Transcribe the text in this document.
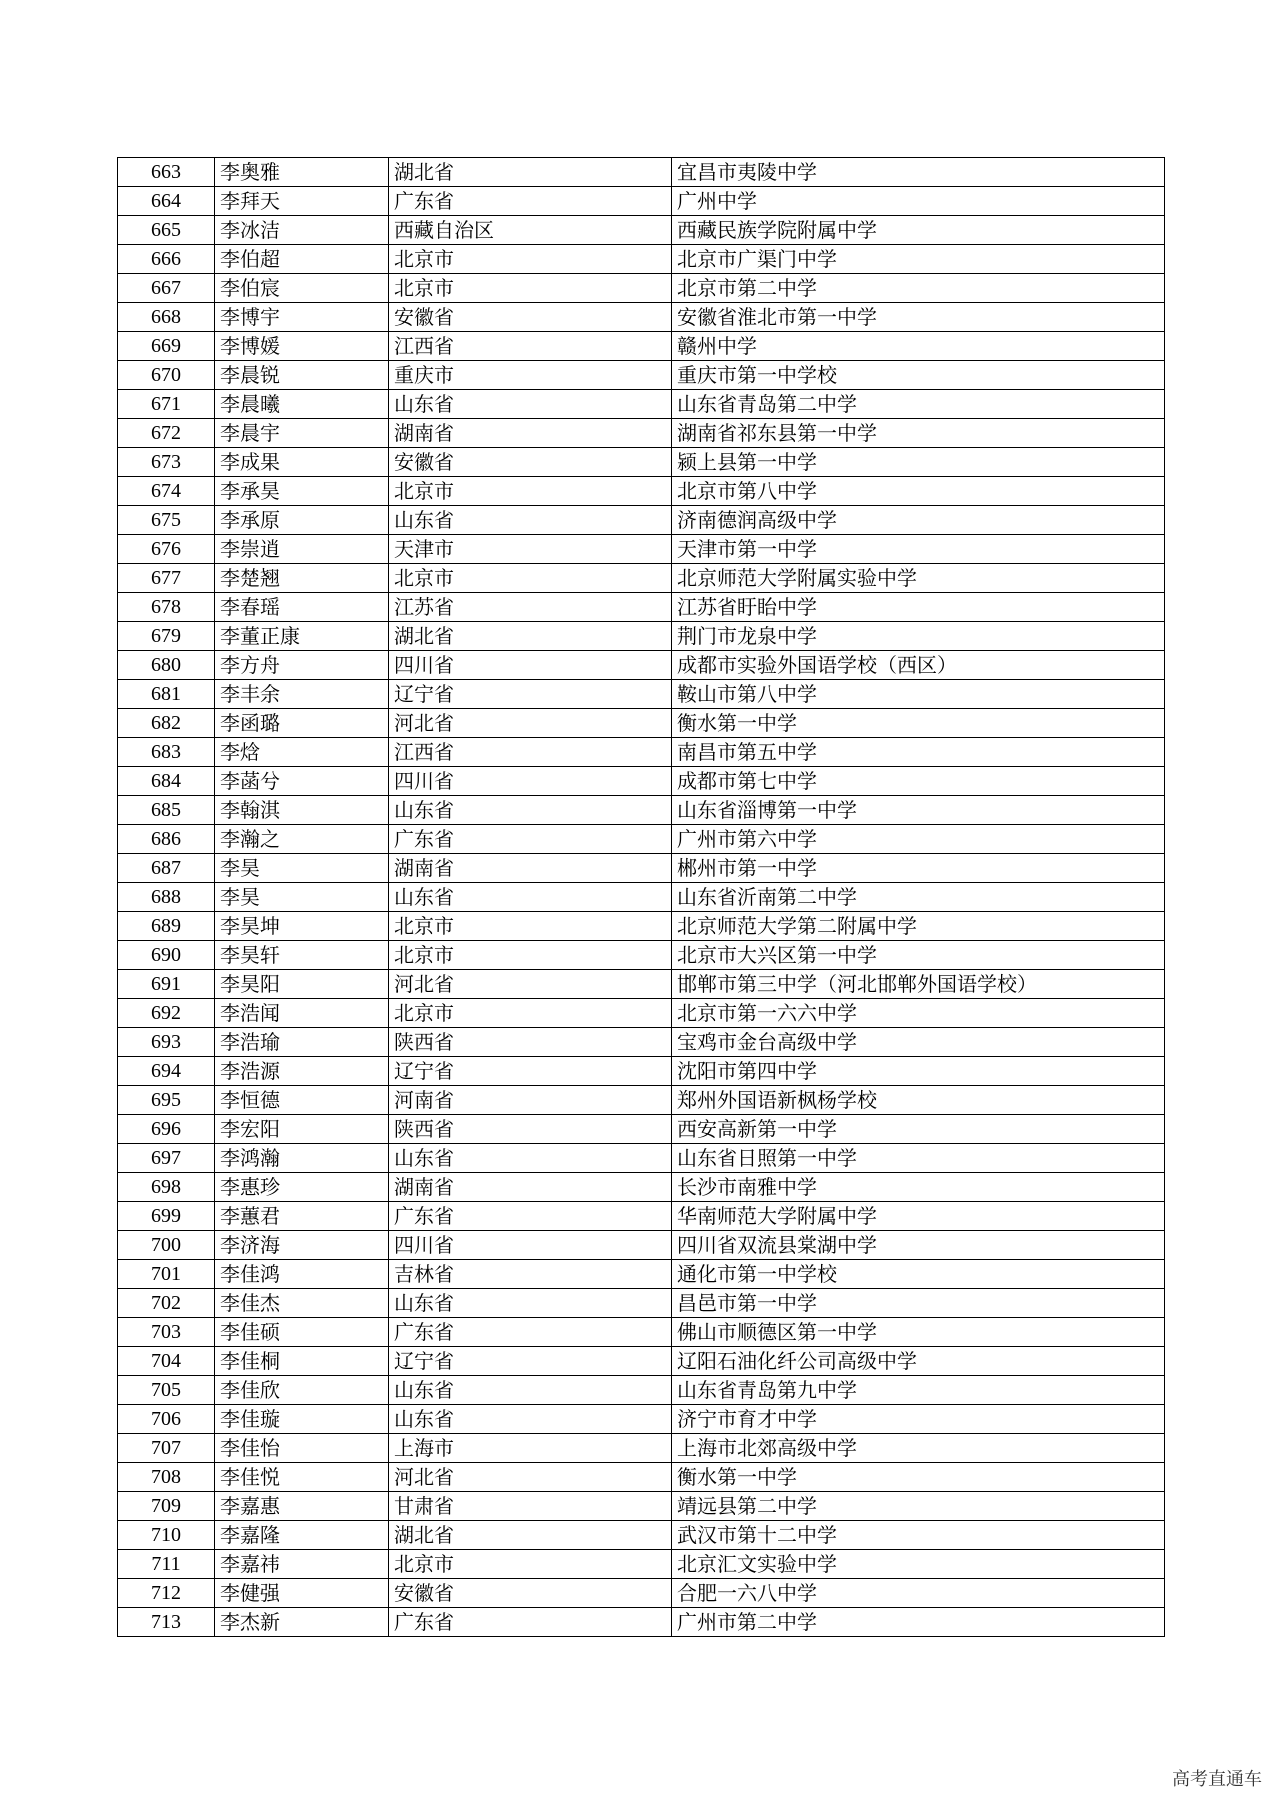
663	李奥雅	湖北省	宜昌市夷陵中学
664	李拜天	广东省	广州中学
665	李冰洁	西藏自治区	西藏民族学院附属中学
666	李伯超	北京市	北京市广渠门中学
667	李伯宸	北京市	北京市第二中学
668	李博宇	安徽省	安徽省淮北市第一中学
669	李博媛	江西省	赣州中学
670	李晨锐	重庆市	重庆市第一中学校
671	李晨曦	山东省	山东省青岛第二中学
672	李晨宇	湖南省	湖南省祁东县第一中学
673	李成果	安徽省	颍上县第一中学
674	李承昊	北京市	北京市第八中学
675	李承原	山东省	济南德润高级中学
676	李崇逍	天津市	天津市第一中学
677	李楚翘	北京市	北京师范大学附属实验中学
678	李春瑶	江苏省	江苏省盱眙中学
679	李董正康	湖北省	荆门市龙泉中学
680	李方舟	四川省	成都市实验外国语学校（西区）
681	李丰余	辽宁省	鞍山市第八中学
682	李函璐	河北省	衡水第一中学
683	李焓	江西省	南昌市第五中学
684	李菡兮	四川省	成都市第七中学
685	李翰淇	山东省	山东省淄博第一中学
686	李瀚之	广东省	广州市第六中学
687	李昊	湖南省	郴州市第一中学
688	李昊	山东省	山东省沂南第二中学
689	李昊坤	北京市	北京师范大学第二附属中学
690	李昊轩	北京市	北京市大兴区第一中学
691	李昊阳	河北省	邯郸市第三中学（河北邯郸外国语学校）
692	李浩闻	北京市	北京市第一六六中学
693	李浩瑜	陕西省	宝鸡市金台高级中学
694	李浩源	辽宁省	沈阳市第四中学
695	李恒德	河南省	郑州外国语新枫杨学校
696	李宏阳	陕西省	西安高新第一中学
697	李鸿瀚	山东省	山东省日照第一中学
698	李惠珍	湖南省	长沙市南雅中学
699	李蕙君	广东省	华南师范大学附属中学
700	李济海	四川省	四川省双流县棠湖中学
701	李佳鸿	吉林省	通化市第一中学校
702	李佳杰	山东省	昌邑市第一中学
703	李佳硕	广东省	佛山市顺德区第一中学
704	李佳桐	辽宁省	辽阳石油化纤公司高级中学
705	李佳欣	山东省	山东省青岛第九中学
706	李佳璇	山东省	济宁市育才中学
707	李佳怡	上海市	上海市北郊高级中学
708	李佳悦	河北省	衡水第一中学
709	李嘉惠	甘肃省	靖远县第二中学
710	李嘉隆	湖北省	武汉市第十二中学
711	李嘉祎	北京市	北京汇文实验中学
712	李健强	安徽省	合肥一六八中学
713	李杰新	广东省	广州市第二中学
高考直通车
